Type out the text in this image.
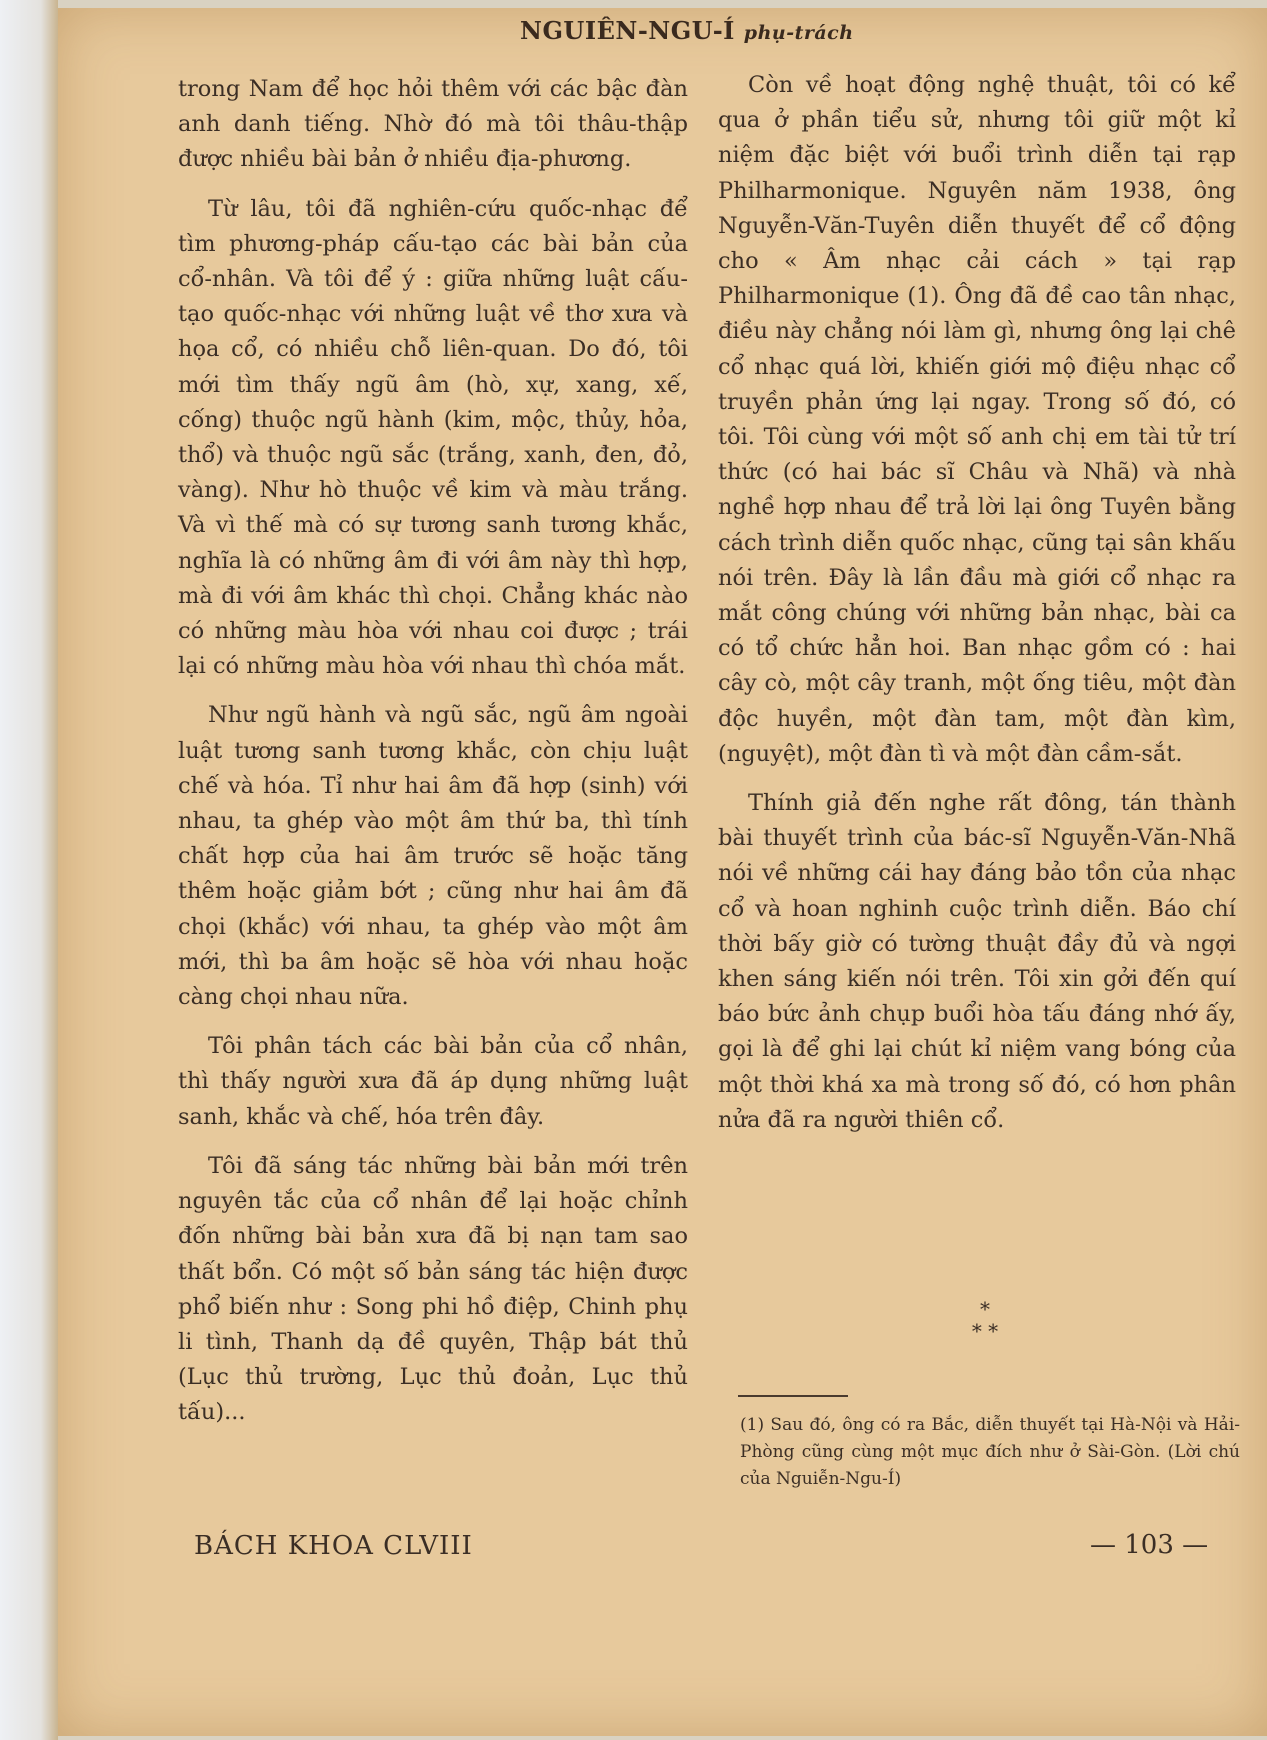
NGUIÊN-NGU-Í phụ-trách

trong Nam để học hỏi thêm với các bậc đàn anh danh tiếng. Nhờ đó mà tôi thâu-thập được nhiều bài bản ở nhiều địa-phương.

Từ lâu, tôi đã nghiên-cứu quốc-nhạc để tìm phương-pháp cấu-tạo các bài bản của cổ-nhân. Và tôi để ý : giữa những luật cấu-tạo quốc-nhạc với những luật về thơ xưa và họa cổ, có nhiều chỗ liên-quan. Do đó, tôi mới tìm thấy ngũ âm (hò, xự, xang, xế, cống) thuộc ngũ hành (kim, mộc, thủy, hỏa, thổ) và thuộc ngũ sắc (trắng, xanh, đen, đỏ, vàng). Như hò thuộc về kim và màu trắng. Và vì thế mà có sự tương sanh tương khắc, nghĩa là có những âm đi với âm này thì hợp, mà đi với âm khác thì chọi. Chẳng khác nào có những màu hòa với nhau coi được ; trái lại có những màu hòa với nhau thì chóa mắt.

Như ngũ hành và ngũ sắc, ngũ âm ngoài luật tương sanh tương khắc, còn chịu luật chế và hóa. Tỉ như hai âm đã hợp (sinh) với nhau, ta ghép vào một âm thứ ba, thì tính chất hợp của hai âm trước sẽ hoặc tăng thêm hoặc giảm bớt ; cũng như hai âm đã chọi (khắc) với nhau, ta ghép vào một âm mới, thì ba âm hoặc sẽ hòa với nhau hoặc càng chọi nhau nữa.

Tôi phân tách các bài bản của cổ nhân, thì thấy người xưa đã áp dụng những luật sanh, khắc và chế, hóa trên đây.

Tôi đã sáng tác những bài bản mới trên nguyên tắc của cổ nhân để lại hoặc chỉnh đốn những bài bản xưa đã bị nạn tam sao thất bổn. Có một số bản sáng tác hiện được phổ biến như : Song phi hồ điệp, Chinh phụ li tình, Thanh dạ đề quyên, Thập bát thủ (Lục thủ trường, Lục thủ đoản, Lục thủ tấu)...

Còn về hoạt động nghệ thuật, tôi có kể qua ở phần tiểu sử, nhưng tôi giữ một kỉ niệm đặc biệt với buổi trình diễn tại rạp Philharmonique. Nguyên năm 1938, ông Nguyễn-Văn-Tuyên diễn thuyết để cổ động cho « Âm nhạc cải cách » tại rạp Philharmonique (1). Ông đã đề cao tân nhạc, điều này chẳng nói làm gì, nhưng ông lại chê cổ nhạc quá lời, khiến giới mộ điệu nhạc cổ truyền phản ứng lại ngay. Trong số đó, có tôi. Tôi cùng với một số anh chị em tài tử trí thức (có hai bác sĩ Châu và Nhã) và nhà nghề hợp nhau để trả lời lại ông Tuyên bằng cách trình diễn quốc nhạc, cũng tại sân khấu nói trên. Đây là lần đầu mà giới cổ nhạc ra mắt công chúng với những bản nhạc, bài ca có tổ chức hẳn hoi. Ban nhạc gồm có : hai cây cò, một cây tranh, một ống tiêu, một đàn độc huyền, một đàn tam, một đàn kìm, (nguyệt), một đàn tì và một đàn cầm-sắt.

Thính giả đến nghe rất đông, tán thành bài thuyết trình của bác-sĩ Nguyễn-Văn-Nhã nói về những cái hay đáng bảo tồn của nhạc cổ và hoan nghinh cuộc trình diễn. Báo chí thời bấy giờ có tường thuật đầy đủ và ngợi khen sáng kiến nói trên. Tôi xin gởi đến quí báo bức ảnh chụp buổi hòa tấu đáng nhớ ấy, gọi là để ghi lại chút kỉ niệm vang bóng của một thời khá xa mà trong số đó, có hơn phân nửa đã ra người thiên cổ.

*
* *
(1) Sau đó, ông có ra Bắc, diễn thuyết tại Hà-Nội và Hải-Phòng cũng cùng một mục đích như ở Sài-Gòn. (Lời chú của Nguiễn-Ngu-Í)
BÁCH KHOA CLVIII	— 103 —
